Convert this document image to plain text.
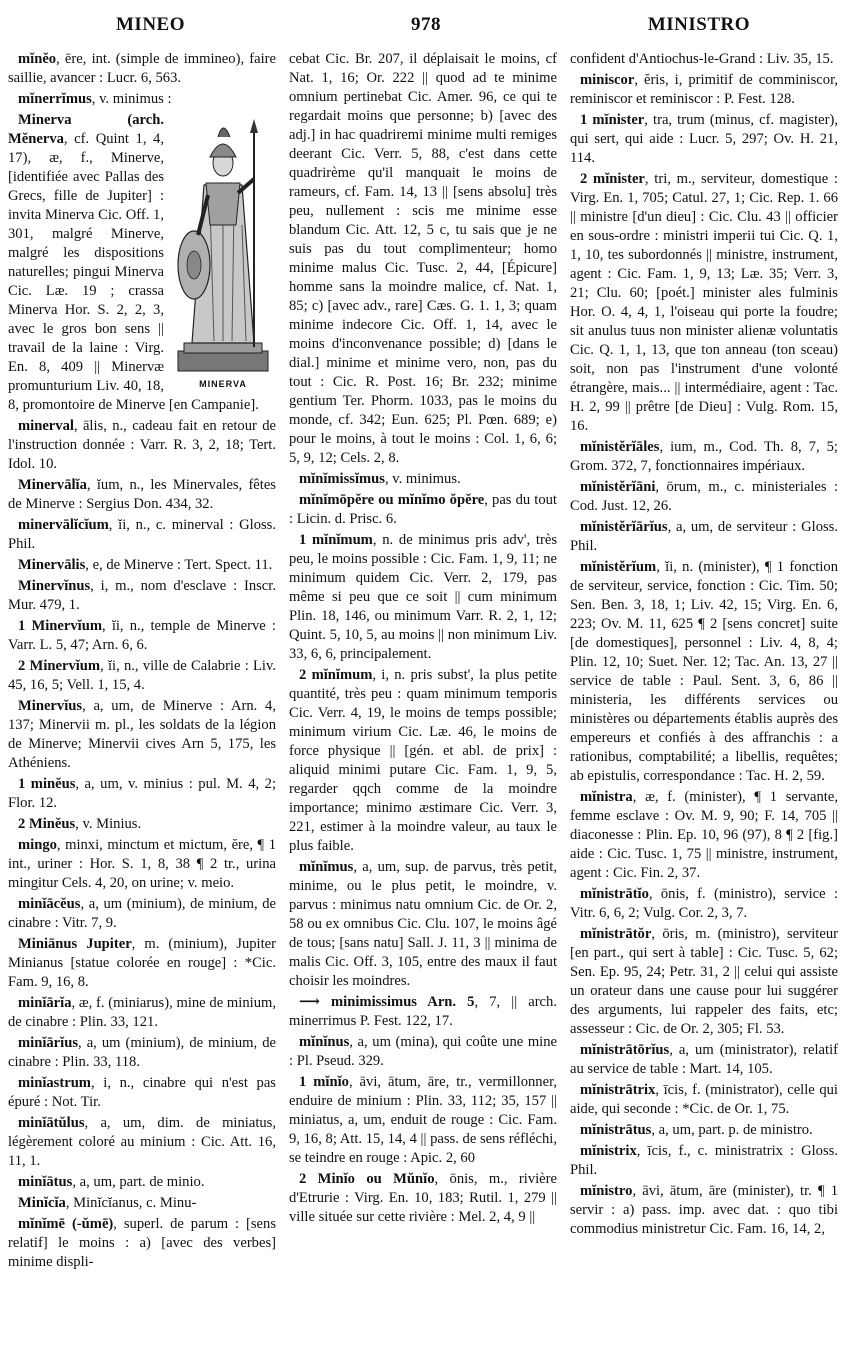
MINEO	978	MINISTRO

mĭnĕo, ēre, int. (simple de immineo), faire saillie, avancer : Lucr. 6, 563.

mĭnerrĭmus, v. minimus :

MINERVA

Minerva (arch. Mĕnerva, cf. Quint 1, 4, 17), æ, f., Minerve, [identifiée avec Pallas des Grecs, fille de Jupiter] : invita Minerva Cic. Off. 1, 301, malgré Minerve, malgré les dispositions naturelles; pingui Minerva Cic. Læ. 19 ; crassa Minerva Hor. S. 2, 2, 3, avec le gros bon sens || travail de la laine : Virg. En. 8, 409 || Minervæ promunturium Liv. 40, 18, 8, promontoire de Minerve [en Campanie].

minerval, ālis, n., cadeau fait en retour de l'instruction donnée : Varr. R. 3, 2, 18; Tert. Idol. 10.

Minervālĭa, ĭum, n., les Minervales, fêtes de Minerve : Sergius Don. 434, 32.

minervālĭcĭum, ĭi, n., c. minerval : Gloss. Phil.

Minervālis, e, de Minerve : Tert. Spect. 11.

Minervĭnus, i, m., nom d'esclave : Inscr. Mur. 479, 1.

1 Minervĭum, ĭi, n., temple de Minerve : Varr. L. 5, 47; Arn. 6, 6.

2 Minervĭum, ĭi, n., ville de Calabrie : Liv. 45, 16, 5; Vell. 1, 15, 4.

Minervĭus, a, um, de Minerve : Arn. 4, 137; Minervii m. pl., les soldats de la légion de Minerve; Minervii cives Arn 5, 175, les Athéniens.

1 minĕus, a, um, v. minius : pul. M. 4, 2; Flor. 12.

2 Minĕus, v. Minius.

mingo, minxi, minctum et mictum, ĕre, ¶ 1 int., uriner : Hor. S. 1, 8, 38 ¶ 2 tr., urina mingitur Cels. 4, 20, on urine; v. meio.

minĭācĕus, a, um (minium), de minium, de cinabre : Vitr. 7, 9.

Miniānus Jupiter, m. (minium), Jupiter Minianus [statue colorée en rouge] : *Cic. Fam. 9, 16, 8.

minĭārĭa, æ, f. (miniarus), mine de minium, de cinabre : Plin. 33, 121.

minĭārĭus, a, um (minium), de minium, de cinabre : Plin. 33, 118.

minĭastrum, i, n., cinabre qui n'est pas épuré : Not. Tir.

minĭātŭlus, a, um, dim. de miniatus, légèrement coloré au minium : Cic. Att. 16, 11, 1.

minĭātus, a, um, part. de minio.

Minĭcĭa, Minĭcĭanus, c. Minu-

mĭnĭmē (-ŭmē), superl. de parum : [sens relatif] le moins : a) [avec des verbes] minime displi-

cebat Cic. Br. 207, il déplaisait le moins, cf Nat. 1, 16; Or. 222 || quod ad te minime omnium pertinebat Cic. Amer. 96, ce qui te regardait moins que personne; b) [avec des adj.] in hac quadriremi minime multi remiges deerant Cic. Verr. 5, 88, c'est dans cette quadrirème qu'il manquait le moins de rameurs, cf. Fam. 14, 13 || [sens absolu] très peu, nullement : scis me minime esse blandum Cic. Att. 12, 5 c, tu sais que je ne suis pas du tout complimenteur; homo minime malus Cic. Tusc. 2, 44, [Épicure] homme sans la moindre malice, cf. Nat. 1, 85; c) [avec adv., rare] Cæs. G. 1. 1, 3; quam minime indecore Cic. Off. 1, 14, avec le moins d'inconvenance possible; d) [dans le dial.] minime et minime vero, non, pas du tout : Cic. R. Post. 16; Br. 232; minime gentium Ter. Phorm. 1033, pas le moins du monde, cf. 342; Eun. 625; Pl. Pœn. 689; e) pour le moins, à tout le moins : Col. 1, 6, 6; 5, 9, 12; Cels. 2, 8.

mĭnĭmissĭmus, v. minimus.

mĭnĭmōpĕre ou mĭnĭmo ŏpĕre, pas du tout : Licin. d. Prisc. 6.

1 mĭnĭmum, n. de minimus pris adv', très peu, le moins possible : Cic. Fam. 1, 9, 11; ne minimum quidem Cic. Verr. 2, 179, pas même si peu que ce soit || cum minimum Plin. 18, 146, ou minimum Varr. R. 2, 1, 12; Quint. 5, 10, 5, au moins || non minimum Liv. 33, 6, 6, principalement.

2 mĭnĭmum, i, n. pris subst', la plus petite quantité, très peu : quam minimum temporis Cic. Verr. 4, 19, le moins de temps possible; minimum virium Cic. Læ. 46, le moins de force physique || [gén. et abl. de prix] : aliquid minimi putare Cic. Fam. 1, 9, 5, regarder qqch comme de la moindre importance; minimo æstimare Cic. Verr. 3, 221, estimer à la moindre valeur, au taux le plus faible.

mĭnĭmus, a, um, sup. de parvus, très petit, minime, ou le plus petit, le moindre, v. parvus : minimus natu omnium Cic. de Or. 2, 58 ou ex omnibus Cic. Clu. 107, le moins âgé de tous; [sans natu] Sall. J. 11, 3 || minima de malis Cic. Off. 3, 105, entre des maux il faut choisir les moindres.

⟶ minimissimus Arn. 5, 7, || arch. minerrimus P. Fest. 122, 17.

mĭnĭnus, a, um (mina), qui coûte une mine : Pl. Pseud. 329.

1 mĭnĭo, āvi, ātum, āre, tr., vermillonner, enduire de minium : Plin. 33, 112; 35, 157 || miniatus, a, um, enduit de rouge : Cic. Fam. 9, 16, 8; Att. 15, 14, 4 || pass. de sens réfléchi, se teindre en rouge : Apic. 2, 60

2 Minĭo ou Mŭnĭo, ōnis, m., rivière d'Etrurie : Virg. En. 10, 183; Rutil. 1, 279 || ville située sur cette rivière : Mel. 2, 4, 9 ||

confident d'Antiochus-le-Grand : Liv. 35, 15.

miniscor, ĕris, i, primitif de comminiscor, reminiscor et reminiscor : P. Fest. 128.

1 mĭnister, tra, trum (minus, cf. magister), qui sert, qui aide : Lucr. 5, 297; Ov. H. 21, 114.

2 mĭnister, tri, m., serviteur, domestique : Virg. En. 1, 705; Catul. 27, 1; Cic. Rep. 1. 66 || ministre [d'un dieu] : Cic. Clu. 43 || officier en sous-ordre : ministri imperii tui Cic. Q. 1, 1, 10, tes subordonnés || ministre, instrument, agent : Cic. Fam. 1, 9, 13; Læ. 35; Verr. 3, 21; Clu. 60; [poét.] minister ales fulminis Hor. O. 4, 4, 1, l'oiseau qui porte la foudre; sit anulus tuus non minister alienæ voluntatis Cic. Q. 1, 1, 13, que ton anneau (ton sceau) soit, non pas l'instrument d'une volonté étrangère, mais... || intermédiaire, agent : Tac. H. 2, 99 || prêtre [de Dieu] : Vulg. Rom. 15, 16.

mĭnistĕrĭāles, ium, m., Cod. Th. 8, 7, 5; Grom. 372, 7, fonctionnaires impériaux.

mĭnistĕrĭāni, ōrum, m., c. ministeriales : Cod. Just. 12, 26.

mĭnistĕrĭārĭus, a, um, de serviteur : Gloss. Phil.

mĭnistĕrĭum, ĭi, n. (minister), ¶ 1 fonction de serviteur, service, fonction : Cic. Tim. 50; Sen. Ben. 3, 18, 1; Liv. 42, 15; Virg. En. 6, 223; Ov. M. 11, 625 ¶ 2 [sens concret] suite [de domestiques], personnel : Liv. 4, 8, 4; Plin. 12, 10; Suet. Ner. 12; Tac. An. 13, 27 || service de table : Paul. Sent. 3, 6, 86 || ministeria, les différents services ou ministères ou départements établis auprès des empereurs et confiés à des affranchis : a rationibus, comptabilité; a libellis, requêtes; ab epistulis, correspondance : Tac. H. 2, 59.

mĭnistra, æ, f. (minister), ¶ 1 servante, femme esclave : Ov. M. 9, 90; F. 14, 705 || diaconesse : Plin. Ep. 10, 96 (97), 8 ¶ 2 [fig.] aide : Cic. Tusc. 1, 75 || ministre, instrument, agent : Cic. Fin. 2, 37.

mĭnistrātĭo, ōnis, f. (ministro), service : Vitr. 6, 6, 2; Vulg. Cor. 2, 3, 7.

mĭnistrātŏr, ōris, m. (ministro), serviteur [en part., qui sert à table] : Cic. Tusc. 5, 62; Sen. Ep. 95, 24; Petr. 31, 2 || celui qui assiste un orateur dans une cause pour lui suggérer des arguments, lui rappeler des faits, etc; assesseur : Cic. de Or. 2, 305; Fl. 53.

mĭnistrātōrĭus, a, um (ministrator), relatif au service de table : Mart. 14, 105.

mĭnistrātrix, īcis, f. (ministrator), celle qui aide, qui seconde : *Cic. de Or. 1, 75.

mĭnistrātus, a, um, part. p. de ministro.

mĭnistrix, īcis, f., c. ministratrix : Gloss. Phil.

mĭnistro, āvi, ātum, āre (minister), tr. ¶ 1 servir : a) pass. imp. avec dat. : quo tibi commodius ministretur Cic. Fam. 16, 14, 2,
